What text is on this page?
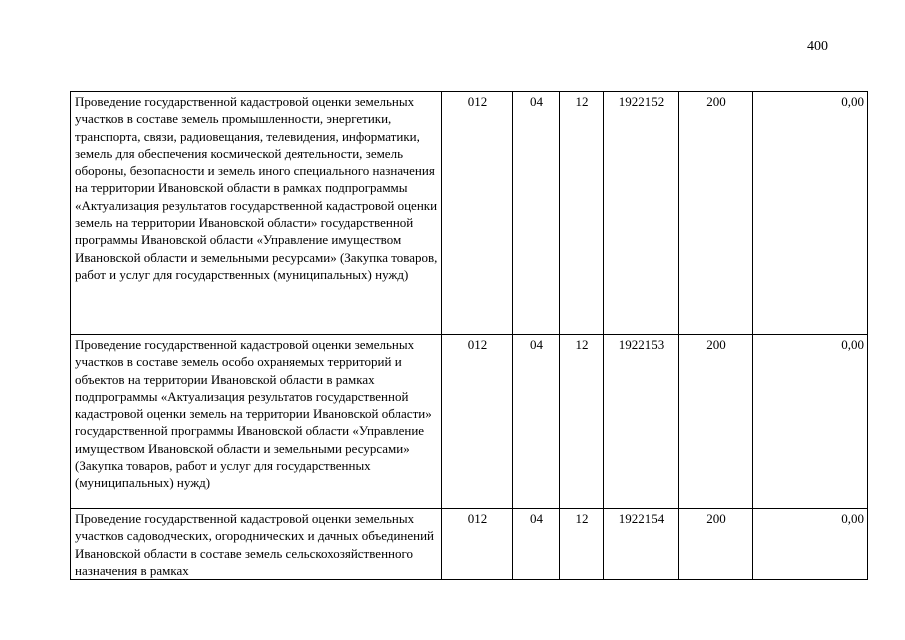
400
Проведение государственной кадастровой оценки земельных участков в составе земель промышленности, энергетики, транспорта, связи, радиовещания, телевидения, информатики, земель для обеспечения космической деятельности, земель обороны, безопасности и земель иного специального назначения на территории Ивановской области в рамках подпрограммы «Актуализация результатов государственной кадастровой оценки земель на территории Ивановской области» государственной программы Ивановской области «Управление имуществом Ивановской области и земельными ресурсами» (Закупка товаров, работ и услуг для государственных (муниципальных) нужд)	012	04	12	1922152	200	0,00

Проведение государственной кадастровой оценки земельных участков в составе земель особо охраняемых территорий и объектов на территории Ивановской области в рамках подпрограммы «Актуализация результатов государственной кадастровой оценки земель на территории Ивановской области» государственной программы Ивановской области «Управление имуществом Ивановской области и земельными ресурсами» (Закупка товаров, работ и услуг для государственных (муниципальных) нужд)	012	04	12	1922153	200	0,00

Проведение государственной кадастровой оценки земельных участков садоводческих, огороднических и дачных объединений Ивановской области в составе земель сельскохозяйственного назначения в рамках	012	04	12	1922154	200	0,00
